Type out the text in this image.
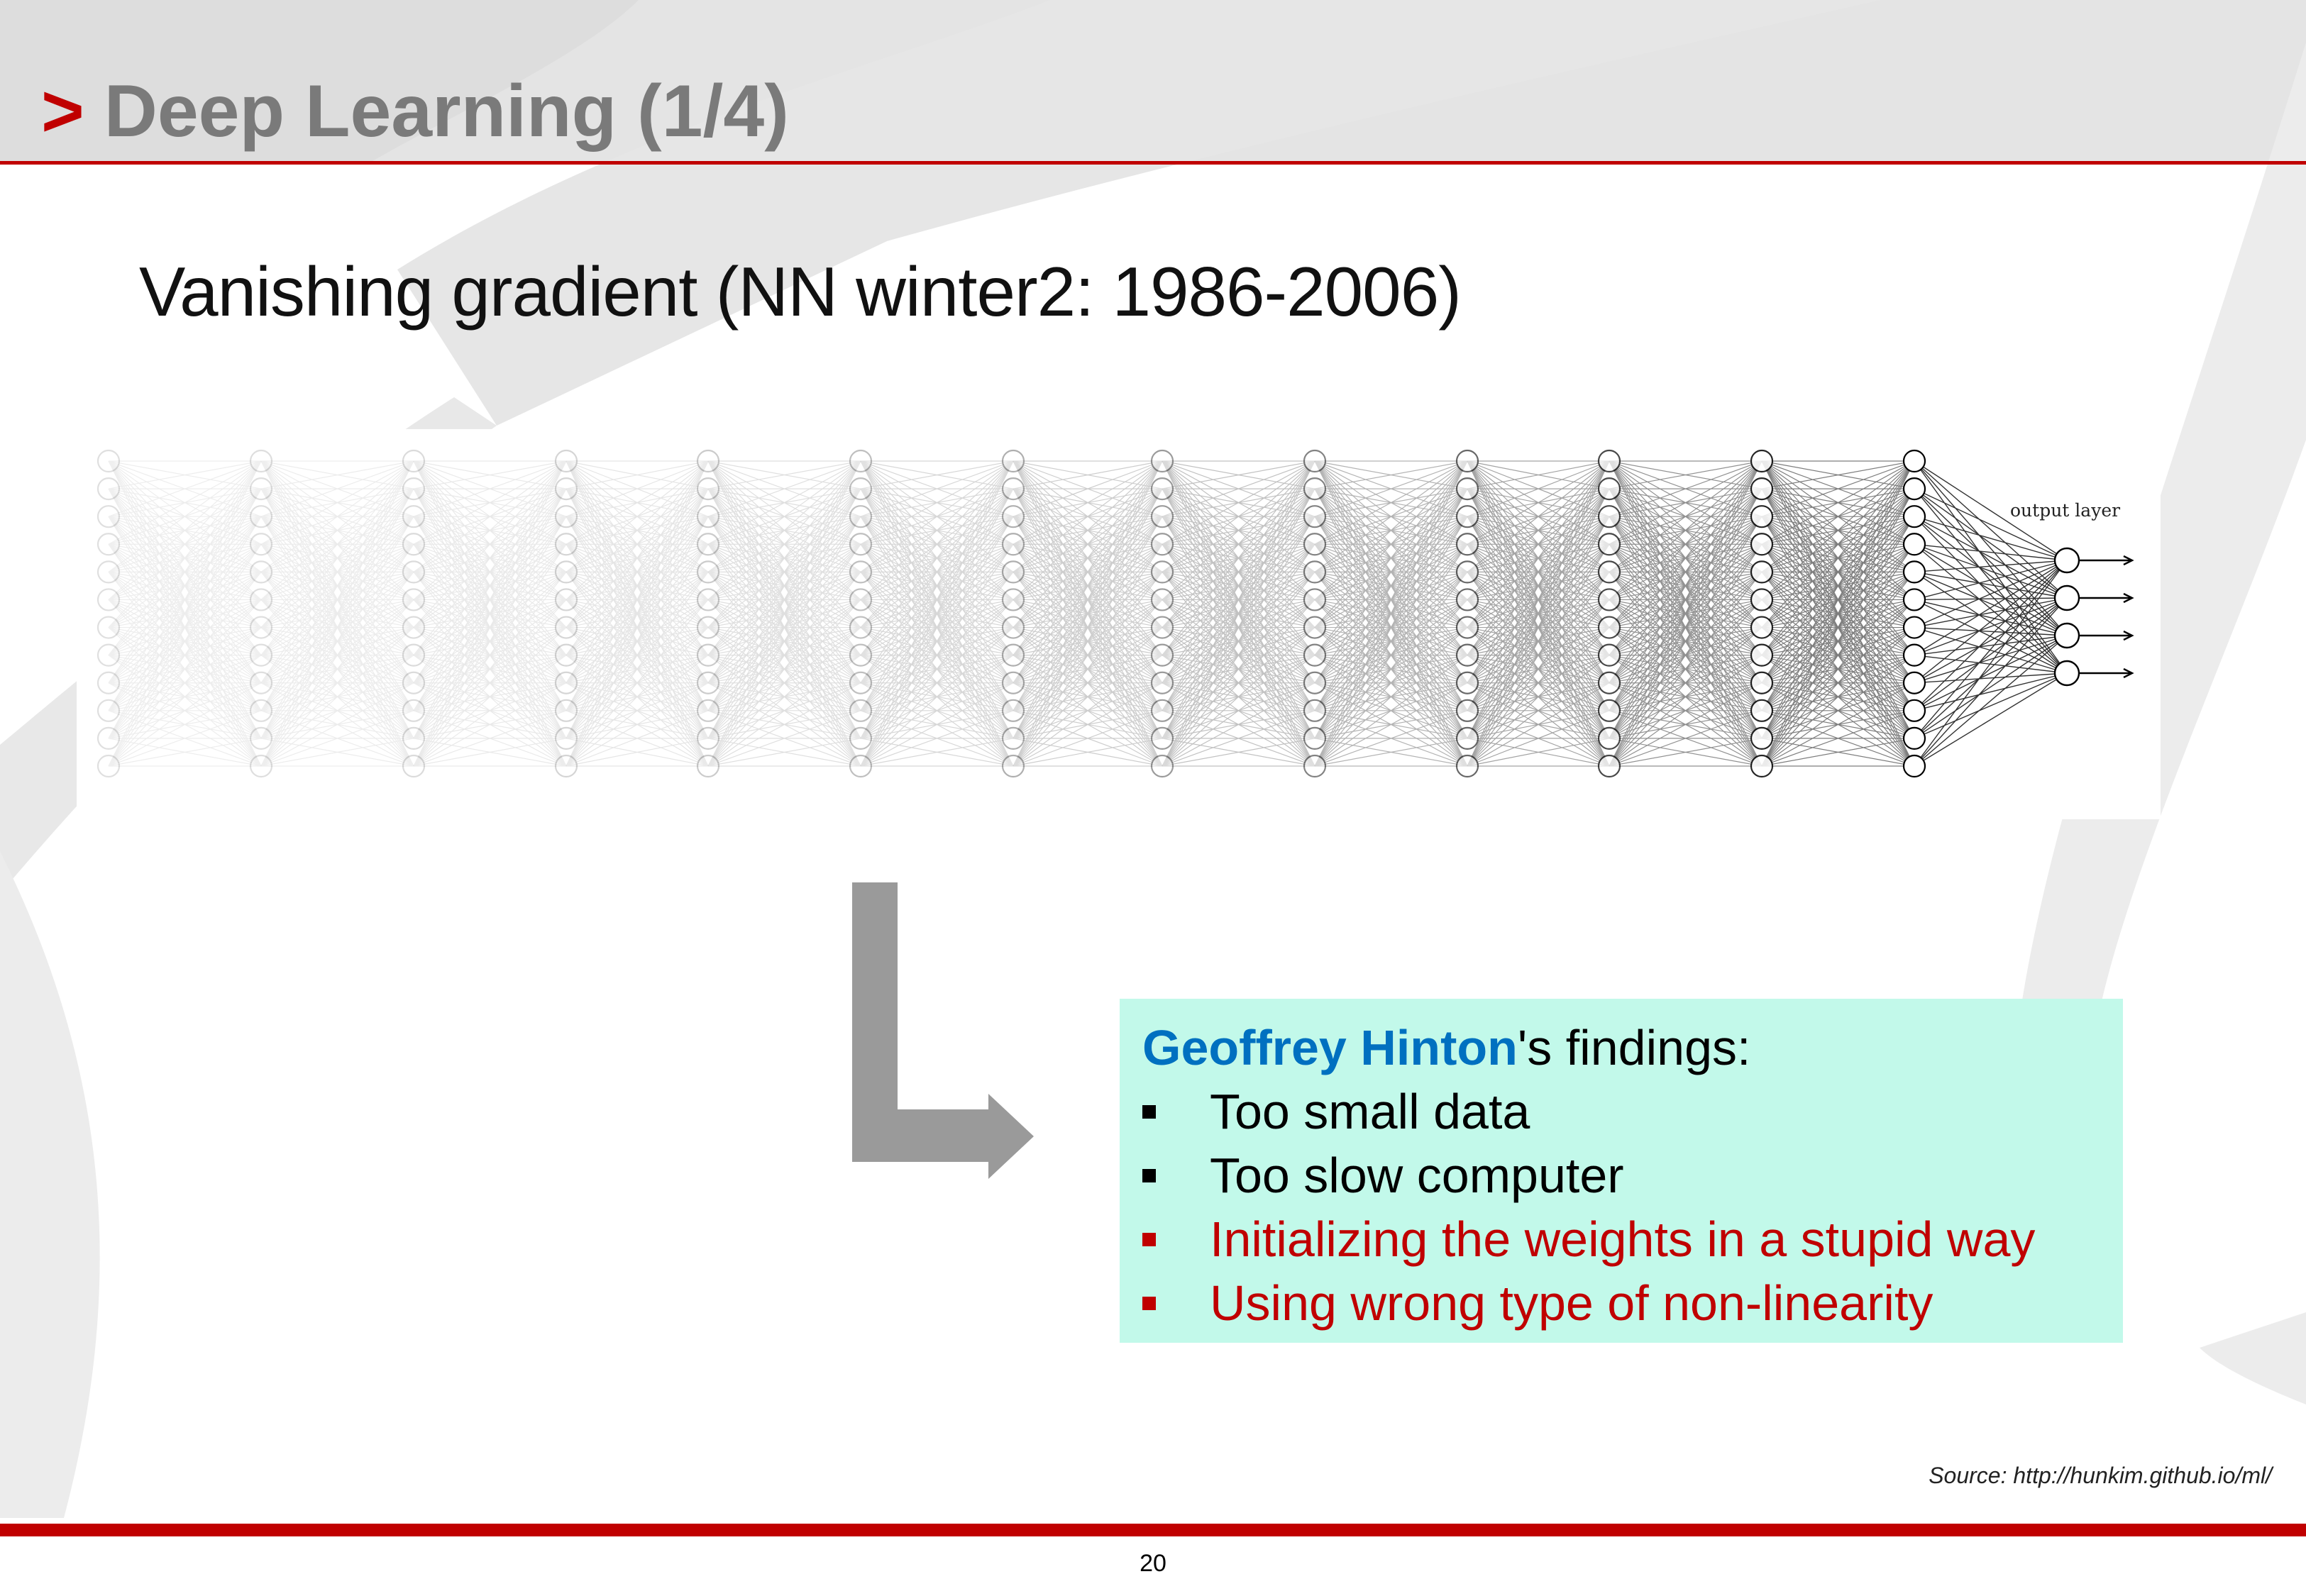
> Deep Learning (1/4)
Vanishing gradient (NN winter2: 1986-2006)
output layer
Geoffrey Hinton's findings:
Too small data
Too slow computer
Initializing the weights in a stupid way
Using wrong type of non-linearity
Source: http://hunkim.github.io/ml/
20
